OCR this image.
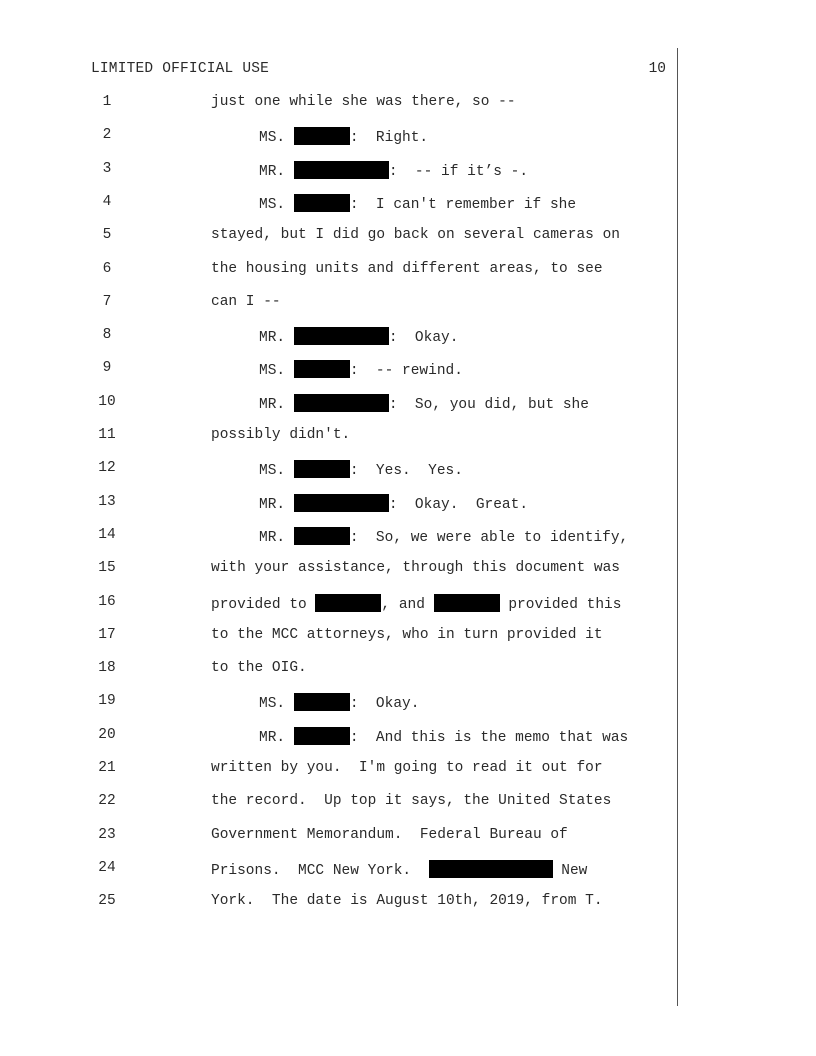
LIMITED OFFICIAL USE	10
1	just one while she was there, so --
2	MS.	:  Right.
3	MR.	:  -- if it’s -.
4	MS.	:  I can't remember if she
5	stayed, but I did go back on several cameras on
6	the housing units and different areas, to see
7	can I --
8	MR.	:  Okay.
9	MS.	:  -- rewind.
10	MR.	:  So, you did, but she
11	possibly didn't.
12	MS.	:  Yes.  Yes.
13	MR.	:  Okay.  Great.
14	MR.	:  So, we were able to identify,
15	with your assistance, through this document was
16	provided to	, and	provided this
17	to the MCC attorneys, who in turn provided it
18	to the OIG.
19	MS.	:  Okay.
20	MR.	:  And this is the memo that was
21	written by you.  I'm going to read it out for
22	the record.  Up top it says, the United States
23	Government Memorandum.  Federal Bureau of
24	Prisons.  MCC New York.	New
25	York.  The date is August 10th, 2019, from T.
